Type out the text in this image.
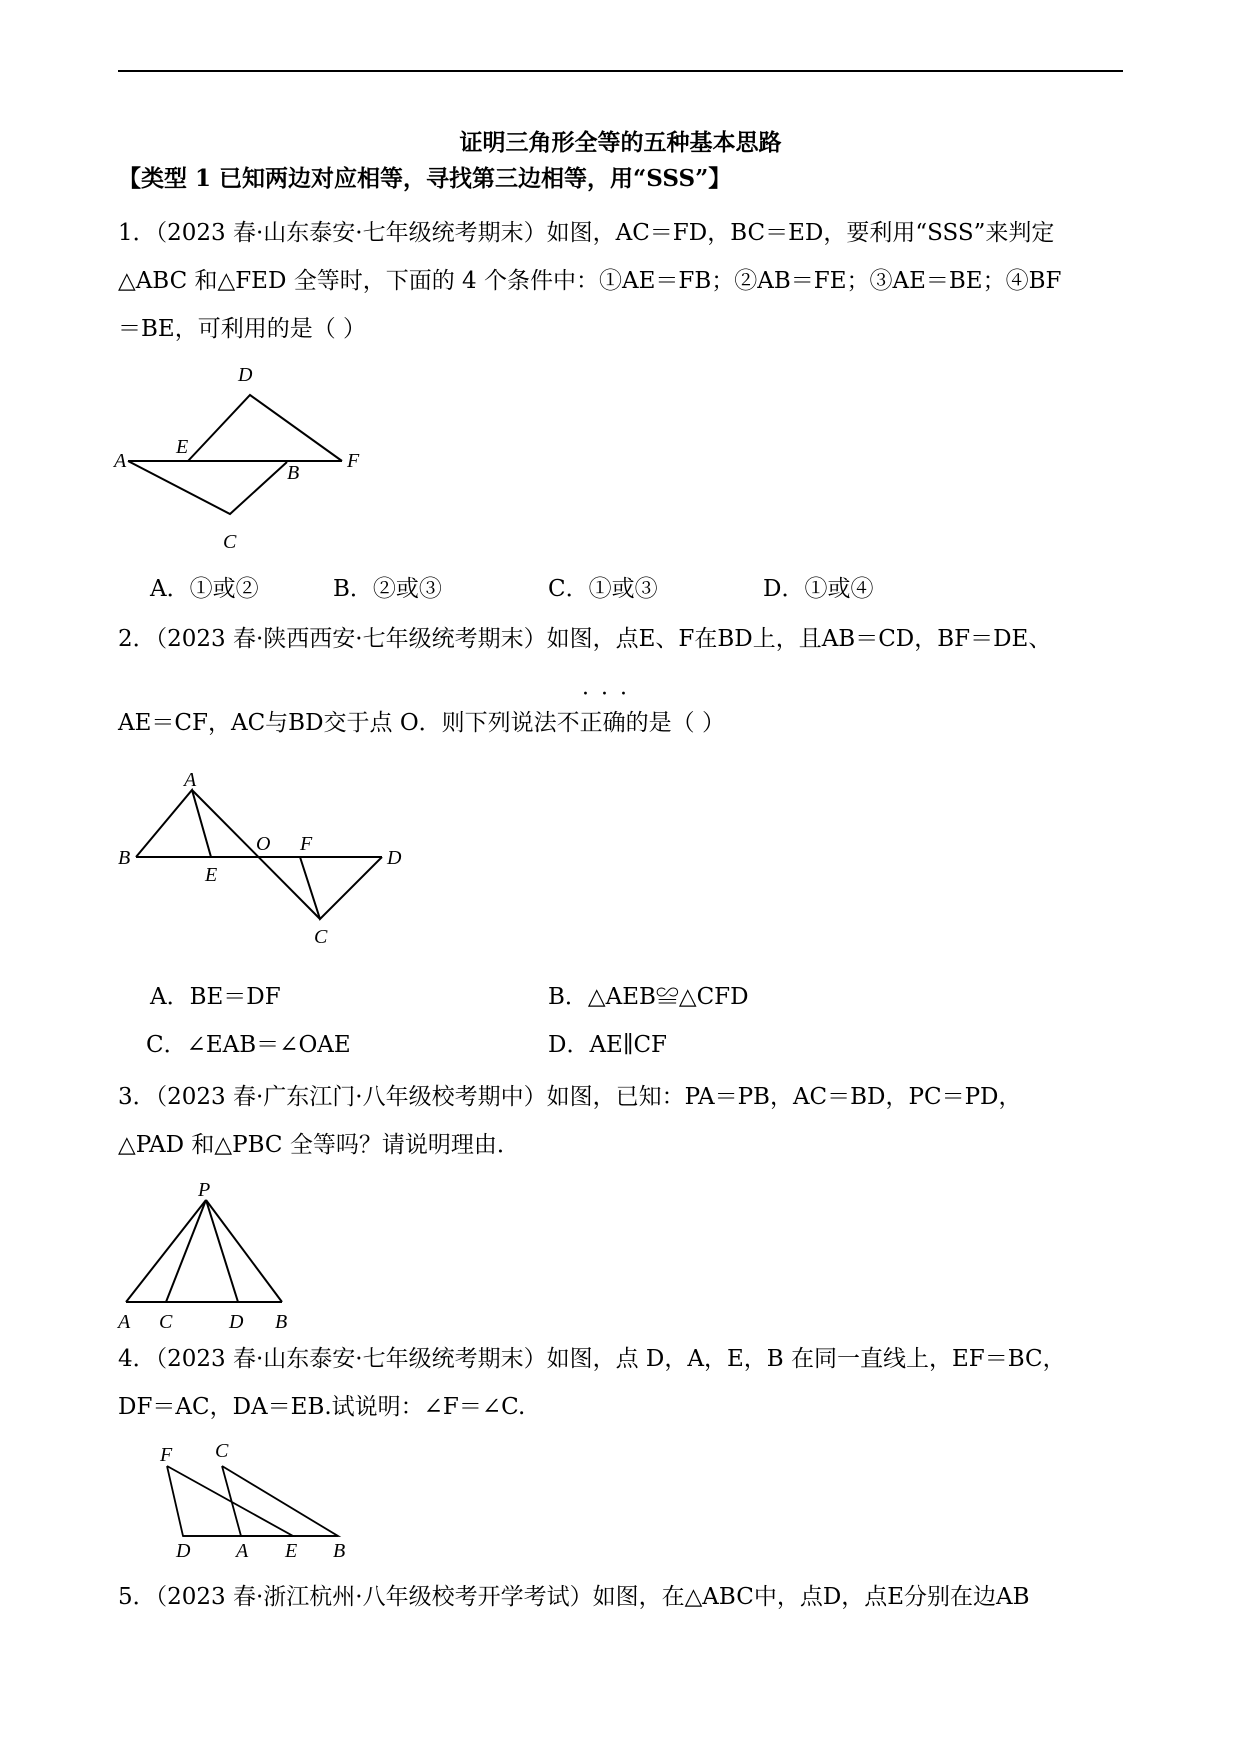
证明三角形全等的五种基本思路
【类型 1 已知两边对应相等，寻找第三边相等，用“SSS”】
1．（2023 春·山东泰安·七年级统考期末）如图，AC＝FD，BC＝ED，要利用“SSS”来判定
△ABC 和△FED 全等时，下面的 4 个条件中：①AE＝FB；②AB＝FE；③AE＝BE；④BF
＝BE，可利用的是（ ）
D
E
A
B
F
C
A．①或②	B．②或③	C．①或③	D．①或④
2．（2023 春·陕西西安·七年级统考期末）如图，点E、F在BD上，且AB＝CD，BF＝DE、
···
AE＝CF，AC与BD交于点 O．则下列说法不正确的是（ ）
A
B
E
O F
D
C
A．BE＝DF	B．△AEB≌△CFD
C．∠EAB＝∠OAE	D．AE∥CF
3．（2023 春·广东江门·八年级校考期中）如图，已知：PA＝PB，AC＝BD，PC＝PD，
△PAD 和△PBC 全等吗？请说明理由．
P
A C	D B
4．（2023 春·山东泰安·七年级统考期末）如图，点 D，A，E，B 在同一直线上，EF＝BC，
DF＝AC，DA＝EB.试说明：∠F＝∠C.
F C
D A E B
5．（2023 春·浙江杭州·八年级校考开学考试）如图，在△ABC中，点D，点E分别在边AB
